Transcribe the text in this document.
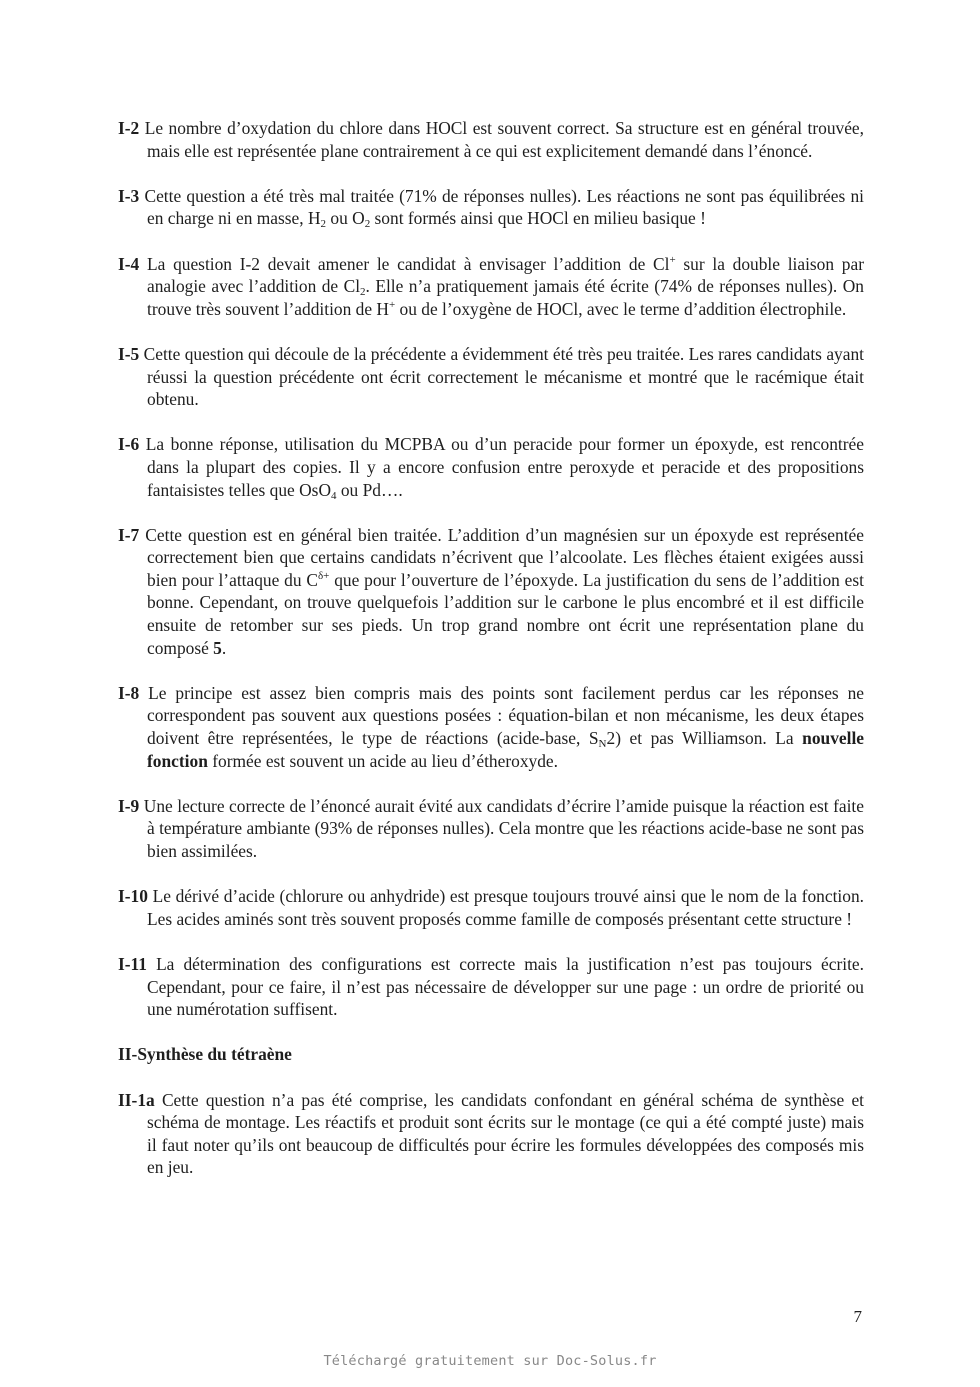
I-2 Le nombre d’oxydation du chlore dans HOCl est souvent correct. Sa structure est en général trouvée, mais elle est représentée plane contrairement à ce qui est explicitement demandé dans l’énoncé.
I-3 Cette question a été très mal traitée (71% de réponses nulles). Les réactions ne sont pas équilibrées ni en charge ni en masse, $H_2$ ou $O_2$ sont formés ainsi que HOCl en milieu basique !
I-4 La question I-2 devait amener le candidat à envisager l’addition de Cl+ sur la double liaison par analogie avec l’addition de $Cl_2$. Elle n’a pratiquement jamais été écrite (74% de réponses nulles). On trouve très souvent l’addition de H+ ou de l’oxygène de HOCl, avec le terme d’addition électrophile.
I-5 Cette question qui découle de la précédente a évidemment été très peu traitée. Les rares candidats ayant réussi la question précédente ont écrit correctement le mécanisme et montré que le racémique était obtenu.
I-6 La bonne réponse, utilisation du MCPBA ou d’un peracide pour former un époxyde, est rencontrée dans la plupart des copies. Il y a encore confusion entre peroxyde et peracide et des propositions fantaisistes telles que OsO$_4$ ou Pd….
I-7 Cette question est en général bien traitée. L’addition d’un magnésien sur un époxyde est représentée correctement bien que certains candidats n’écrivent que l’alcoolate. Les flèches étaient exigées aussi bien pour l’attaque du $C^{\delta+}$ que pour l’ouverture de l’époxyde. La justification du sens de l’addition est bonne. Cependant, on trouve quelquefois l’addition sur le carbone le plus encombré et il est difficile ensuite de retomber sur ses pieds. Un trop grand nombre ont écrit une représentation plane du composé 5.
I-8 Le principe est assez bien compris mais des points sont facilement perdus car les réponses ne correspondent pas souvent aux questions posées : équation-bilan et non mécanisme, les deux étapes doivent être représentées, le type de réactions (acide-base, $S_N2$) et pas Williamson. La nouvelle fonction formée est souvent un acide au lieu d’étheroxyde.
I-9 Une lecture correcte de l’énoncé aurait évité aux candidats d’écrire l’amide puisque la réaction est faite à température ambiante (93% de réponses nulles). Cela montre que les réactions acide-base ne sont pas bien assimilées.
I-10 Le dérivé d’acide (chlorure ou anhydride) est presque toujours trouvé ainsi que le nom de la fonction. Les acides aminés sont très souvent proposés comme famille de composés présentant cette structure !
I-11 La détermination des configurations est correcte mais la justification n’est pas toujours écrite. Cependant, pour ce faire, il n’est pas nécessaire de développer sur une page : un ordre de priorité ou une numérotation suffisent.
II-Synthèse du tétraène
II-1a Cette question n’a pas été comprise, les candidats confondant en général schéma de synthèse et schéma de montage. Les réactifs et produit sont écrits sur le montage (ce qui a été compté juste) mais il faut noter qu’ils ont beaucoup de difficultés pour écrire les formules développées des composés mis en jeu.
7
Téléchargé gratuitement sur Doc-Solus.fr
